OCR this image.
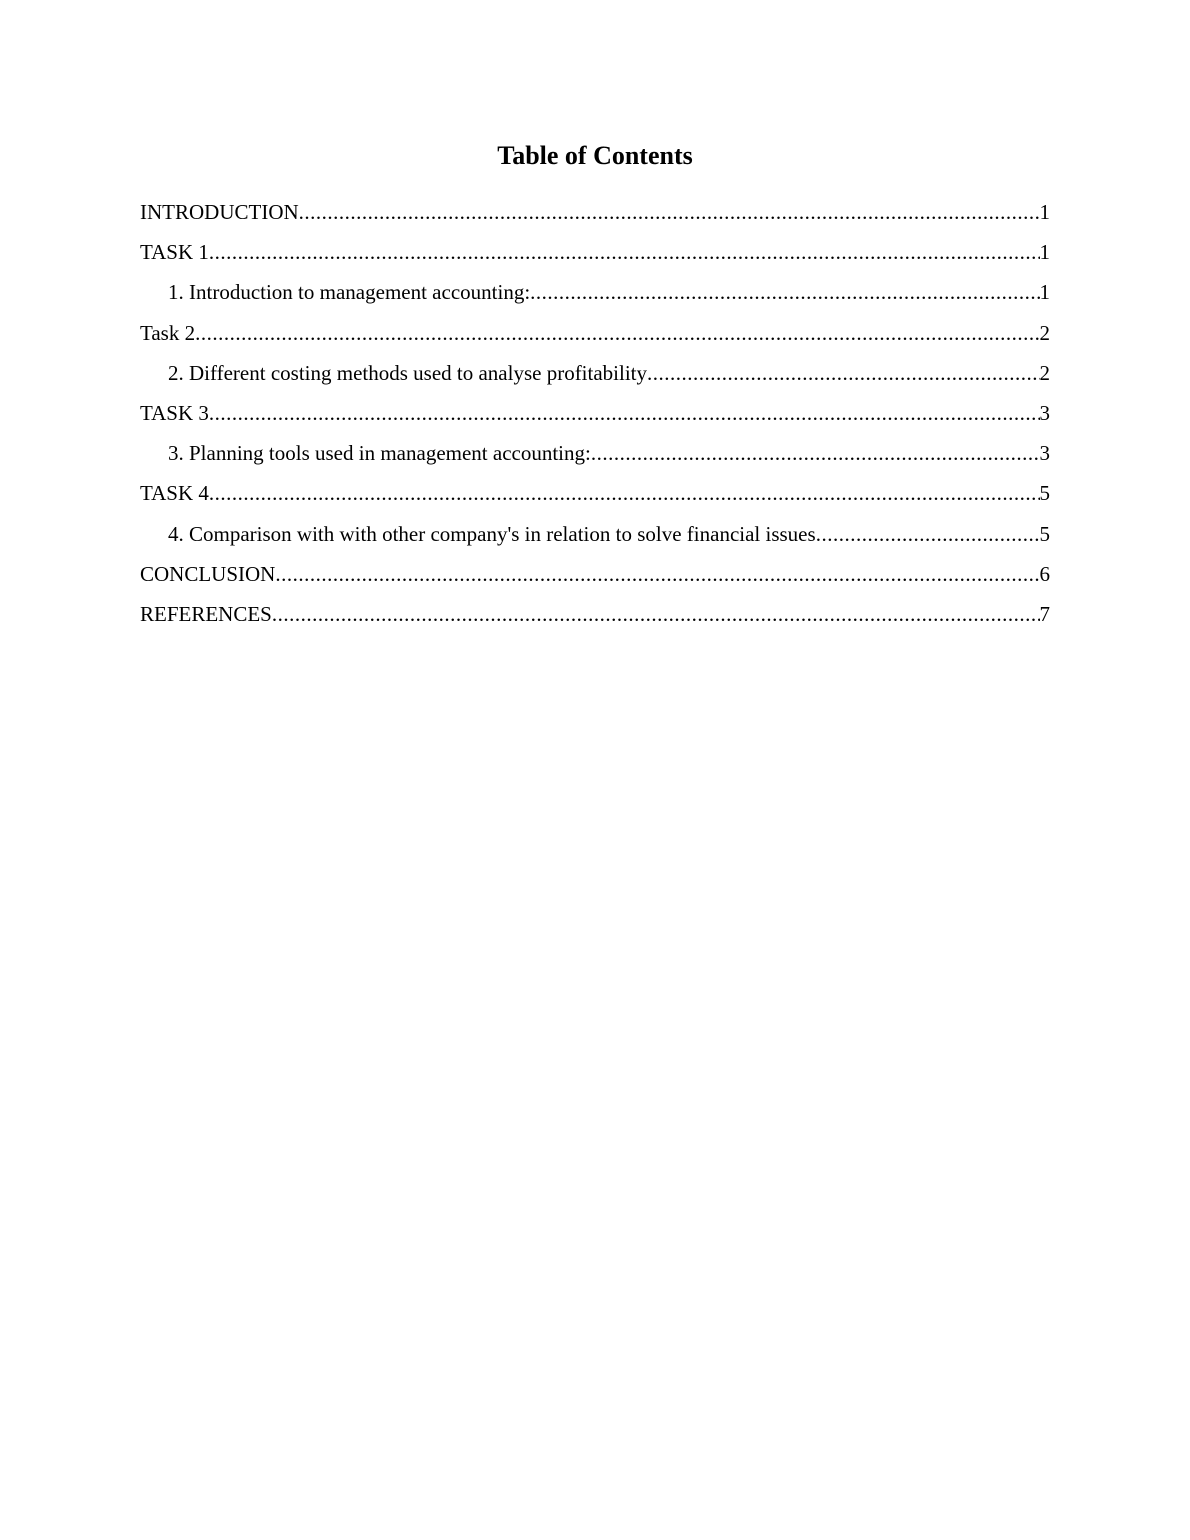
Table of Contents
INTRODUCTION .....	1
TASK 1 .....	1
1. Introduction to management accounting: .....	1
Task 2 .....	2
2. Different costing methods used to analyse profitability .....	2
TASK 3 .....	3
3. Planning tools used in management accounting: .....	3
TASK 4 .....	5
4. Comparison with with other company's in relation to solve financial issues .....	5
CONCLUSION .....	6
REFERENCES .....	7
